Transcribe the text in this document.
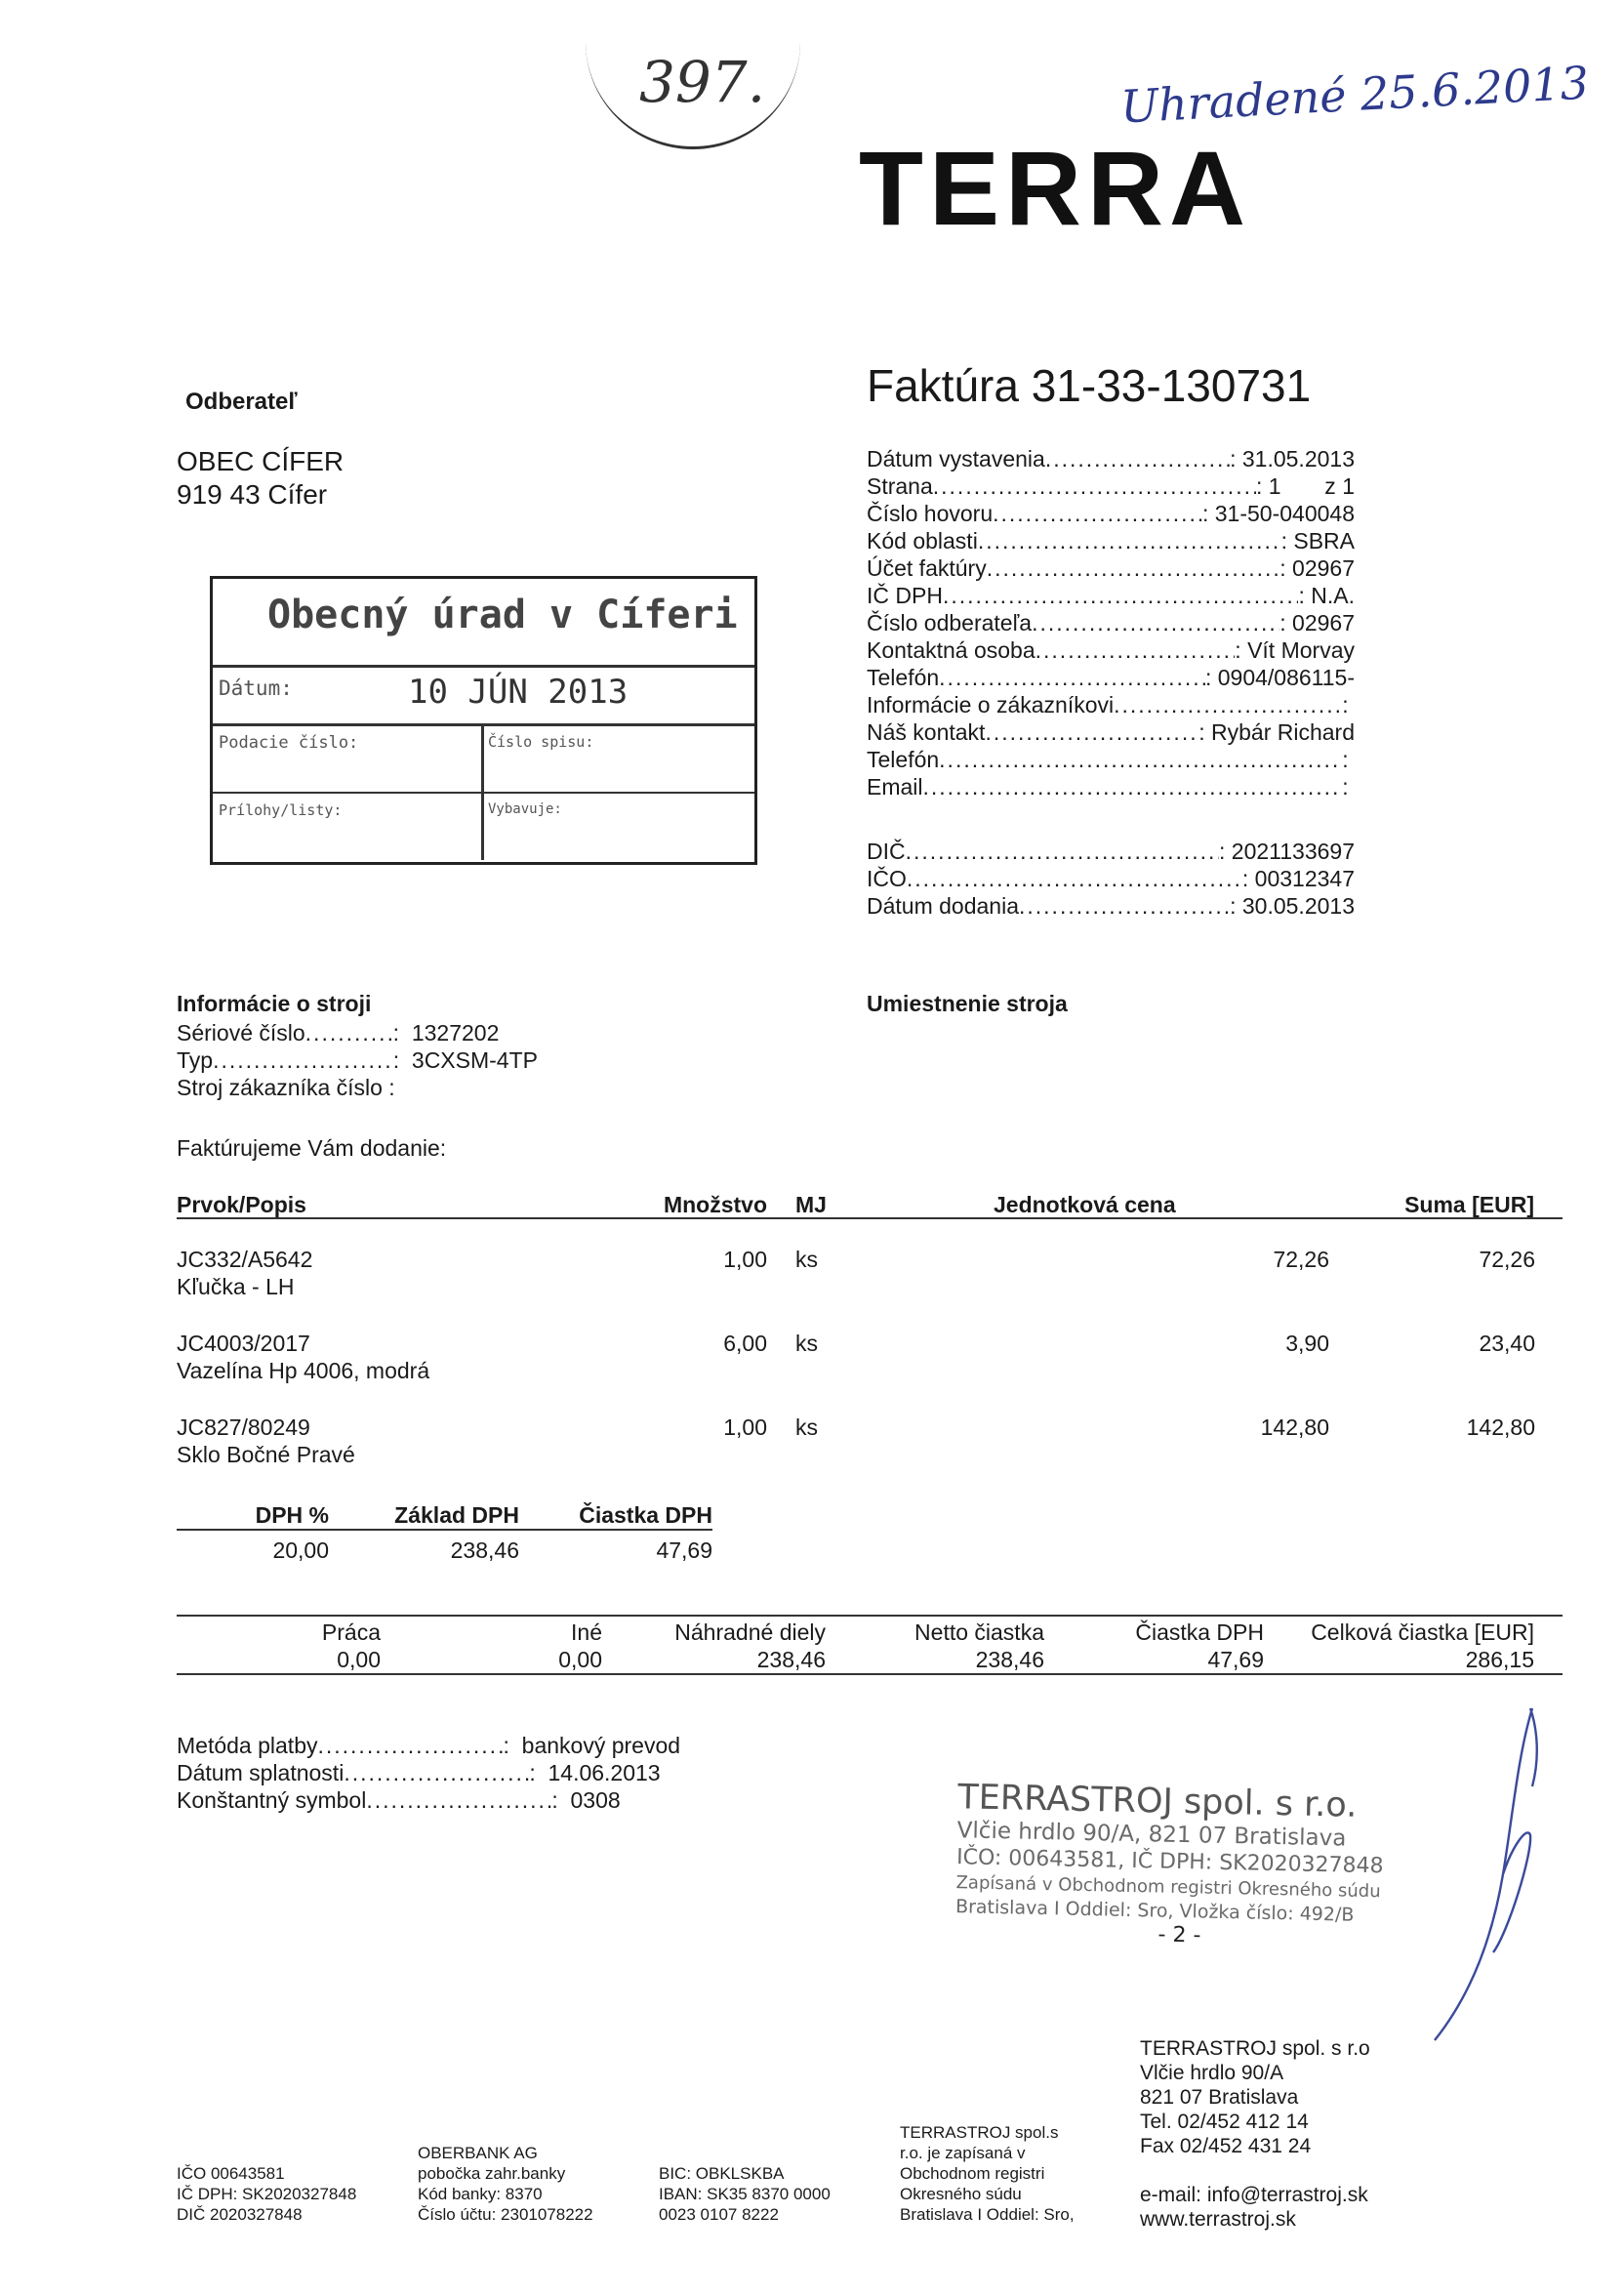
397.	Uhradené 25.6.2013
TERRA
Odberateľ
OBEC CÍFER
919 43 Cífer
Obecný úrad v Cíferi
Dátum:	10 JÚN 2013
Podacie číslo:	Číslo spisu:
Prílohy/listy:	Vybavuje:
Faktúra 31-33-130731
Dátum vystavenia .....	: 31.05.2013
Strana .....	: 1       z 1
Číslo hovoru .....	: 31-50-040048
Kód oblasti .....	: SBRA
Účet faktúry .....	: 02967
IČ DPH .....	: N.A.
Číslo odberateľa .....	: 02967
Kontaktná osoba .....	: Vít Morvay
Telefón .....	: 0904/086115-
Informácie o zákazníkovi .....	:
Náš kontakt .....	: Rybár Richard
Telefón .....	:
Email .....	:
DIČ .....	: 2021133697
IČO .....	: 00312347
Dátum dodania .....	: 30.05.2013
Informácie o stroji	Umiestnenie stroja
Sériové číslo .....	: 1327202
Typ .....	: 3CXSM-4TP
Stroj zákazníka číslo :
Faktúrujeme Vám dodanie:
Prvok/Popis	Množstvo MJ	Jednotková cena	Suma [EUR]
JC332/A5642
Kľučka - LH
1,00 ks	72,26	72,26
JC4003/2017
Vazelína Hp 4006, modrá
6,00 ks	3,90	23,40
JC827/80249
Sklo Bočné Pravé
1,00 ks	142,80	142,80
DPH %	Základ DPH	Čiastka DPH
20,00	238,46	47,69
Práca	Iné	Náhradné diely	Netto čiastka	Čiastka DPH	Celková čiastka [EUR]
0,00	0,00	238,46	238,46	47,69	286,15
Metóda platby .....	: bankový prevod
Dátum splatnosti .....	: 14.06.2013
Konštantný symbol .....	: 0308	TERRASTROJ spol. s r.o.
Vlčie hrdlo 90/A, 821 07 Bratislava
IČO: 00643581, IČ DPH: SK2020327848
Zapísaná v Obchodnom registri Okresného súdu
Bratislava I Oddiel: Sro, Vložka číslo: 492/B
- 2 -
IČO 00643581
IČ DPH: SK2020327848
DIČ 2020327848
OBERBANK AG
pobočka zahr.banky
Kód banky: 8370
Číslo účtu: 2301078222
BIC: OBKLSKBA
IBAN: SK35 8370 0000
0023 0107 8222
TERRASTROJ spol.s
r.o. je zapísaná v
Obchodnom registri
Okresného súdu
Bratislava I Oddiel: Sro,
TERRASTROJ spol. s r.o
Vlčie hrdlo 90/A
821 07 Bratislava
Tel. 02/452 412 14
Fax 02/452 431 24
e-mail: info@terrastroj.sk
www.terrastroj.sk
